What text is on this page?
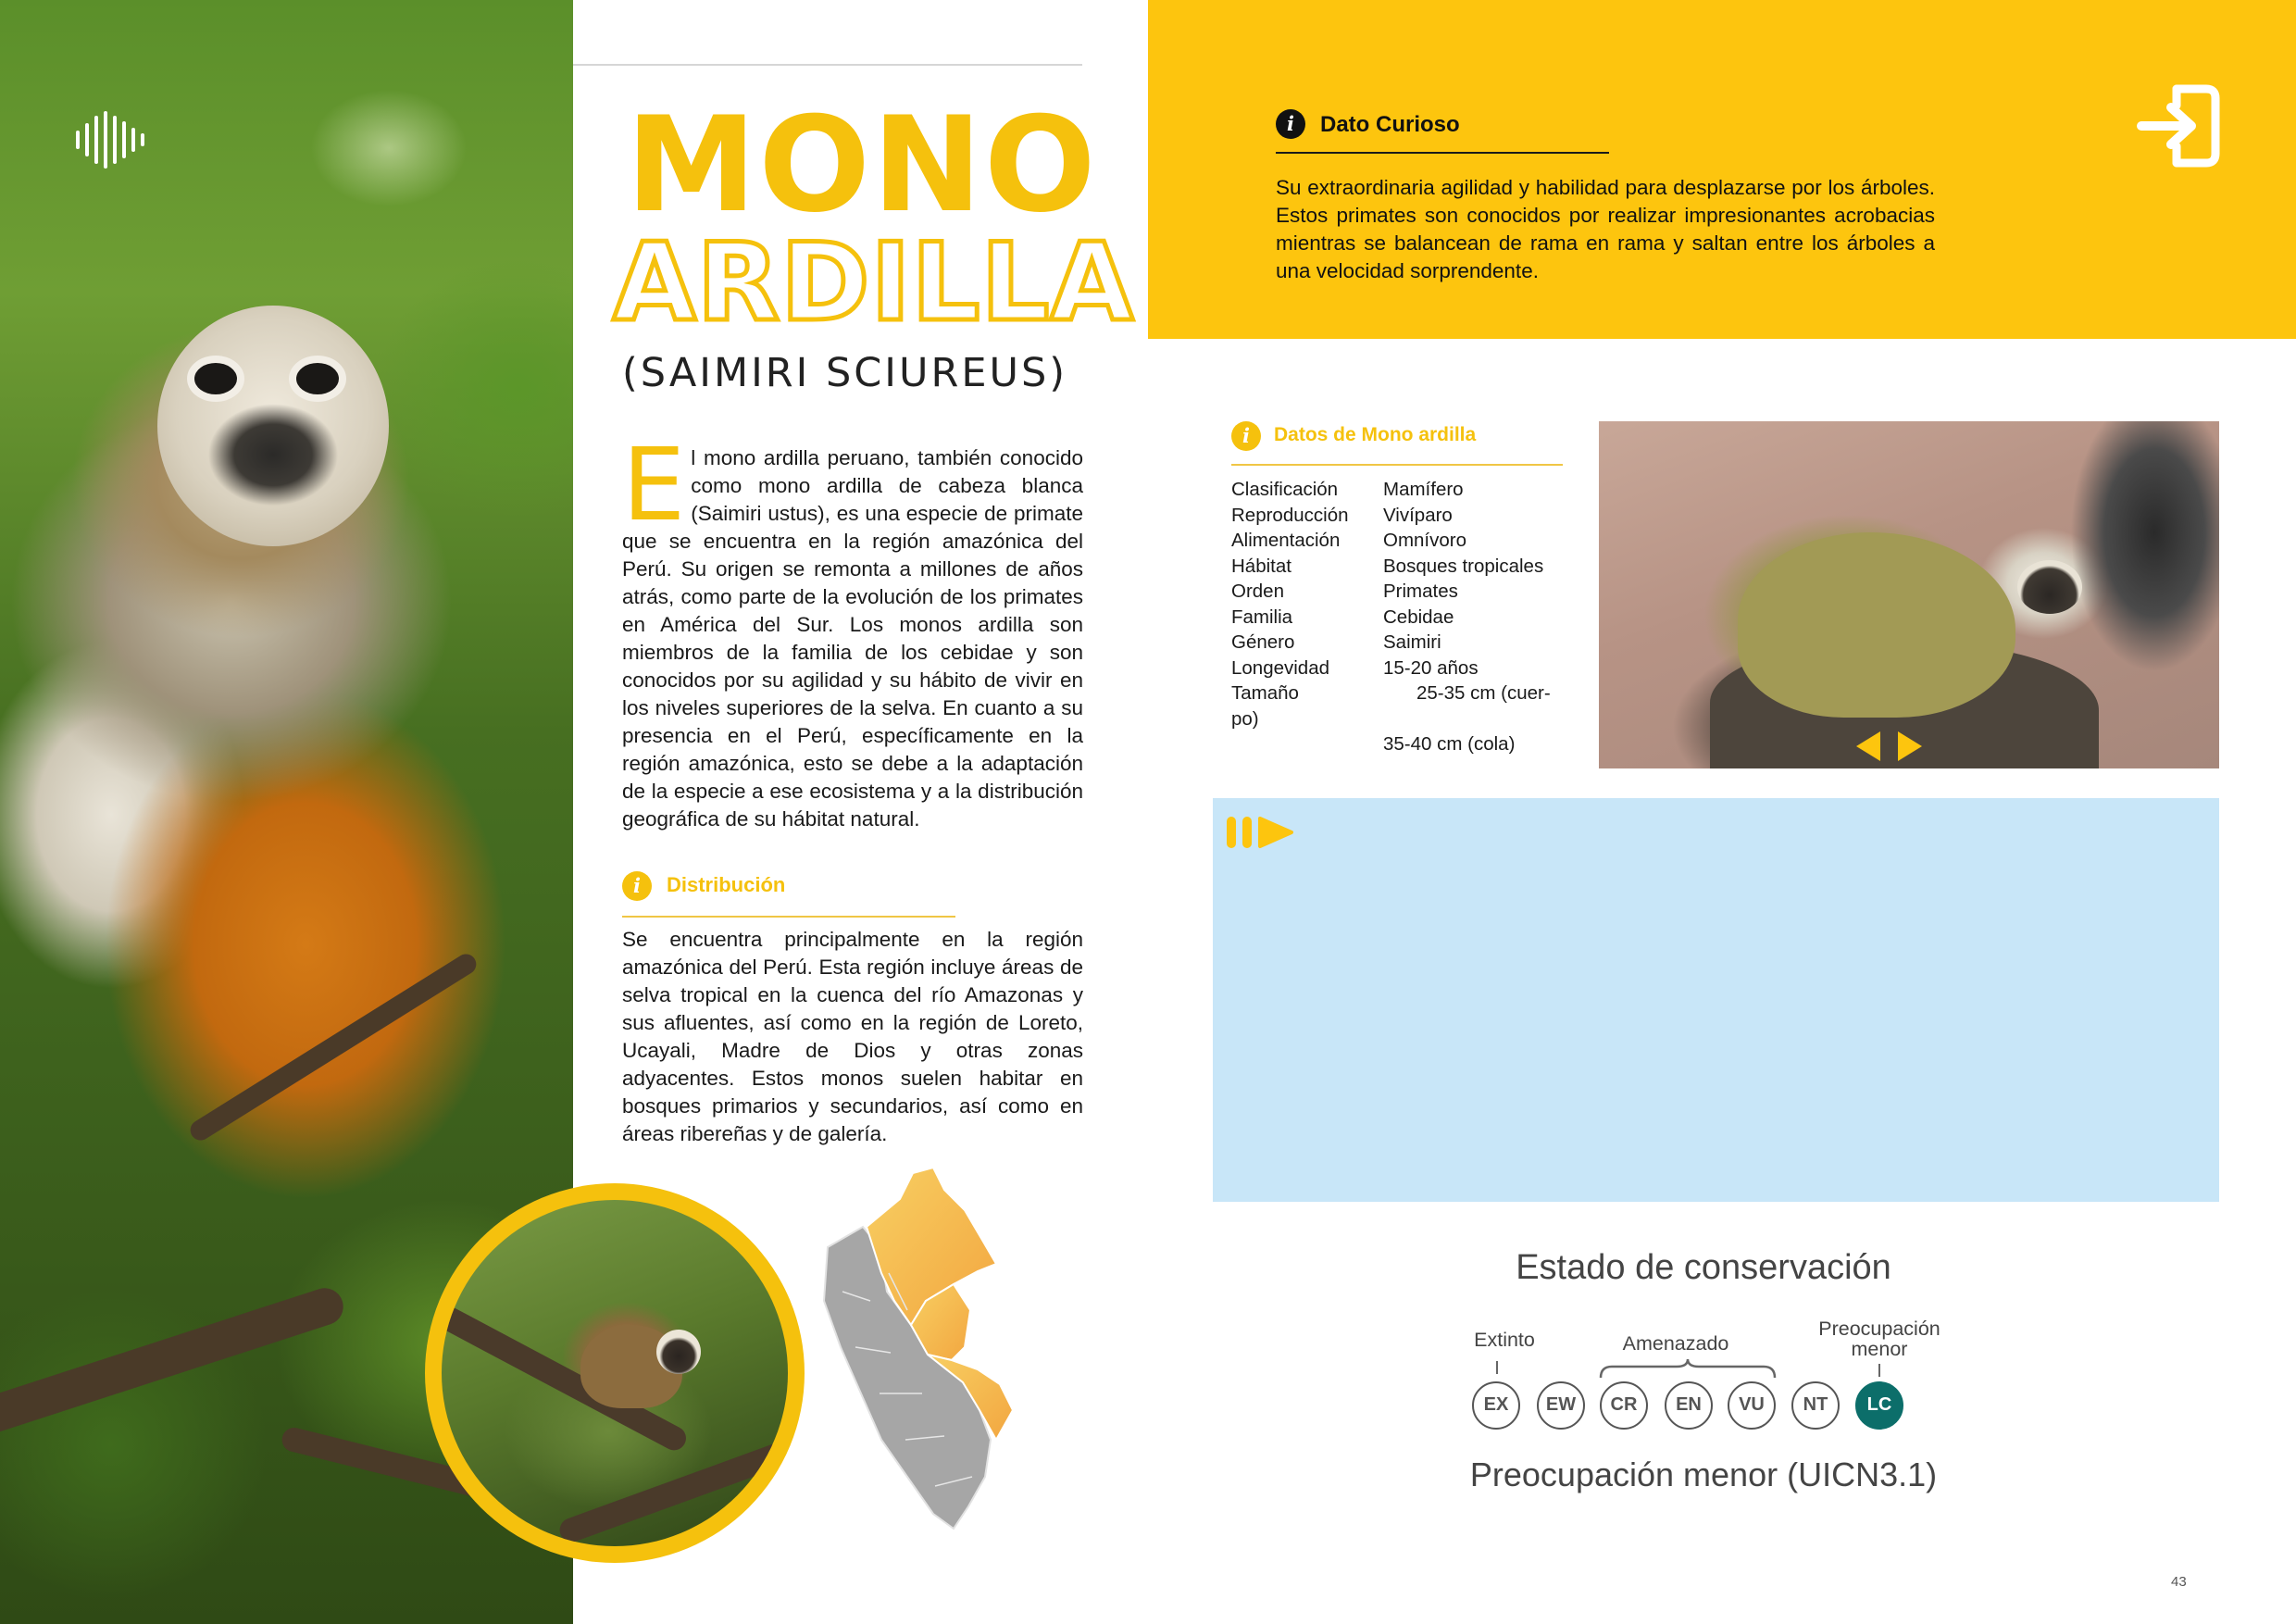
MONO
ARDILLA
(SAIMIRI SCIUREUS)
El mono ardilla peruano, también conocido como mono ardilla de cabeza blanca (Saimiri ustus), es una especie de primate que se encuentra en la región amazónica del Perú. Su origen se remonta a millones de años atrás, como parte de la evolución de los primates en América del Sur. Los monos ardilla son miembros de la familia de los cebidae y son conocidos por su agilidad y su hábito de vivir en los niveles superiores de la selva. En cuanto a su presencia en el Perú, específicamente en la región amazónica, esto se debe a la adaptación de la especie a ese ecosistema y a la distribución geográfica de su hábitat natural.
i Distribución
Se encuentra principalmente en la región amazónica del Perú. Esta región incluye áreas de selva tropical en la cuenca del río Amazonas y sus afluentes, así como en la región de Loreto, Ucayali, Madre de Dios y otras zonas adyacentes. Estos monos suelen habitar en bosques primarios y secundarios, así como en áreas ribereñas y de galería.
i Dato Curioso
Su extraordinaria agilidad y habilidad para desplazarse por los árboles. Estos primates son conocidos por realizar impresionantes acrobacias mientras se balancean de rama en rama y saltan entre los árboles a una velocidad sorprendente.
i Datos de Mono ardilla
Clasificación	Mamífero
Reproducción	Vivíparo
Alimentación	Omnívoro
Hábitat	Bosques tropicales
Orden	Primates
Familia	Cebidae
Género	Saimiri
Longevidad	15-20 años
Tamaño	25-35 cm (cuer-
po)	
	35-40 cm (cola)
Estado de conservación
Extinto	Amenazado
Preocupación
menor
EX	EW	CR	EN	VU	NT	LC
Preocupación menor (UICN3.1)
43
